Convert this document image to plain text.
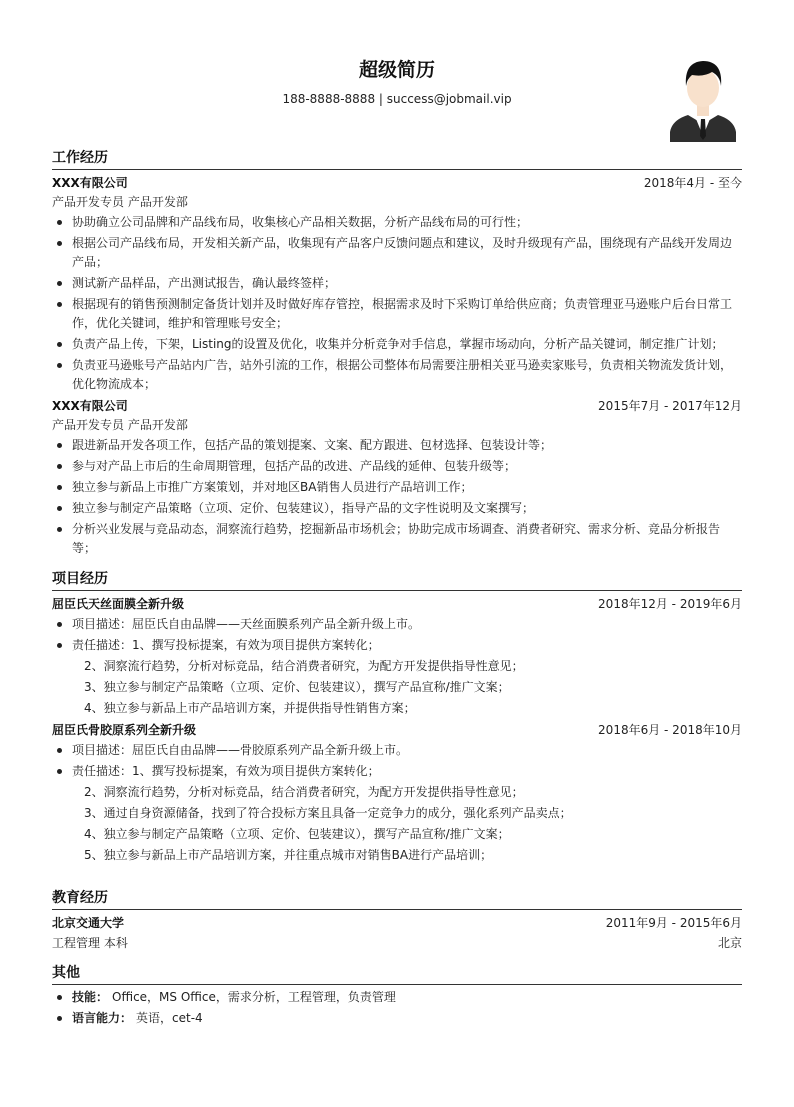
超级简历
188-8888-8888 | success@jobmail.vip
工作经历
XXX有限公司	2018年4月 - 至今
产品开发专员 产品开发部
协助确立公司品牌和产品线布局，收集核心产品相关数据，分析产品线布局的可行性；
根据公司产品线布局，开发相关新产品，收集现有产品客户反馈问题点和建议，及时升级现有产品，围绕现有产品线开发周边产品；
测试新产品样品，产出测试报告，确认最终签样；
根据现有的销售预测制定备货计划并及时做好库存管控，根据需求及时下采购订单给供应商；负责管理亚马逊账户后台日常工作，优化关键词，维护和管理账号安全；
负责产品上传，下架，Listing的设置及优化，收集并分析竞争对手信息，掌握市场动向，分析产品关键词，制定推广计划；
负责亚马逊账号产品站内广告，站外引流的工作，根据公司整体布局需要注册相关亚马逊卖家账号，负责相关物流发货计划，优化物流成本；
XXX有限公司	2015年7月 - 2017年12月
产品开发专员 产品开发部
跟进新品开发各项工作，包括产品的策划提案、文案、配方跟进、包材选择、包装设计等；
参与对产品上市后的生命周期管理，包括产品的改进、产品线的延伸、包装升级等；
独立参与新品上市推广方案策划，并对地区BA销售人员进行产品培训工作；
独立参与制定产品策略（立项、定价、包装建议），指导产品的文字性说明及文案撰写；
分析兴业发展与竞品动态，洞察流行趋势，挖掘新品市场机会；协助完成市场调查、消费者研究、需求分析、竞品分析报告等；
项目经历
屈臣氏天丝面膜全新升级	2018年12月 - 2019年6月
项目描述：屈臣氏自由品牌——天丝面膜系列产品全新升级上市。
责任描述：1、撰写投标提案，有效为项目提供方案转化；
2、洞察流行趋势，分析对标竞品，结合消费者研究，为配方开发提供指导性意见；
3、独立参与制定产品策略（立项、定价、包装建议），撰写产品宣称/推广文案；
4、独立参与新品上市产品培训方案，并提供指导性销售方案；
屈臣氏骨胶原系列全新升级	2018年6月 - 2018年10月
项目描述：屈臣氏自由品牌——骨胶原系列产品全新升级上市。
责任描述：1、撰写投标提案，有效为项目提供方案转化；
2、洞察流行趋势，分析对标竞品，结合消费者研究，为配方开发提供指导性意见；
3、通过自身资源储备，找到了符合投标方案且具备一定竞争力的成分，强化系列产品卖点；
4、独立参与制定产品策略（立项、定价、包装建议），撰写产品宣称/推广文案；
5、独立参与新品上市产品培训方案，并往重点城市对销售BA进行产品培训；
教育经历
北京交通大学	2011年9月 - 2015年6月
工程管理 本科	北京
其他
技能： Office，MS Office，需求分析，工程管理，负责管理
语言能力： 英语，cet-4
